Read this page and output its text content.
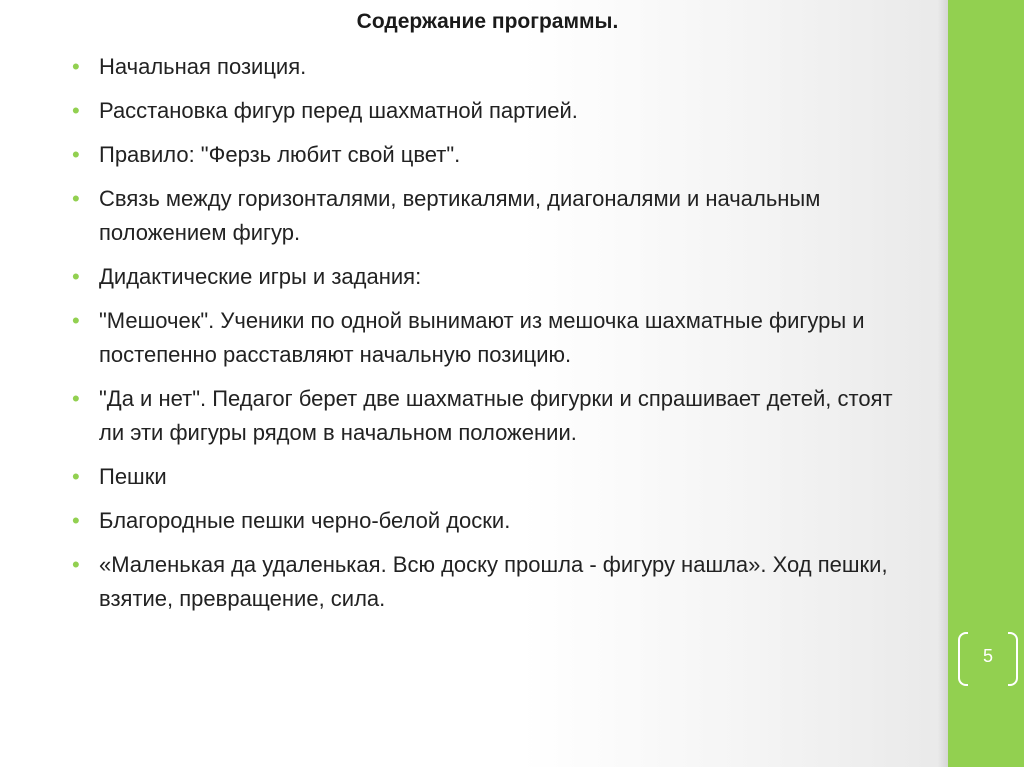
5
Содержание программы.
• Начальная позиция.
• Расстановка фигур перед шахматной партией.
• Правило: "Ферзь любит свой цвет".
• Связь между горизонталями, вертикалями, диагоналями и начальным положением фигур.
• Дидактические игры и задания:
• "Мешочек". Ученики по одной вынимают из мешочка шахматные фигуры и постепенно расставляют начальную позицию.
• "Да и нет". Педагог берет две шахматные фигурки и спрашивает детей, стоят ли эти фигуры рядом в начальном положении.
• Пешки
• Благородные пешки черно-белой доски.
• «Маленькая да удаленькая. Всю доску прошла - фигуру нашла». Ход пешки, взятие, превращение, сила.
